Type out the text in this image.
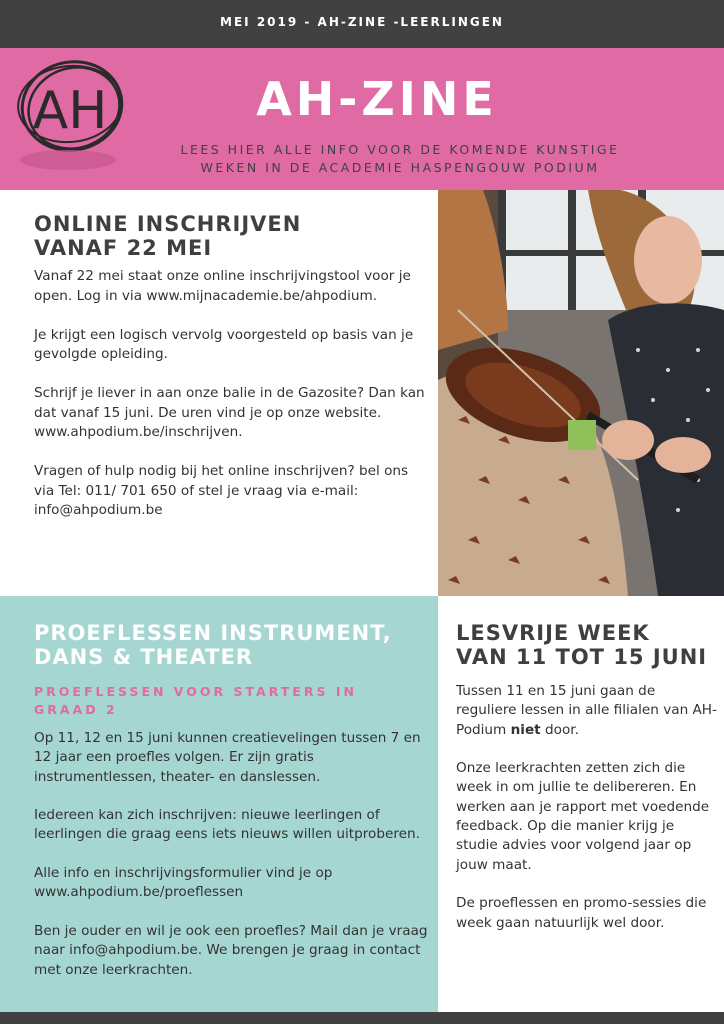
MEI 2019 - AH-ZINE -LEERLINGEN
AH	AH-ZINE
LEES HIER ALLE INFO VOOR DE KOMENDE KUNSTIGE
WEKEN IN DE ACADEMIE HASPENGOUW PODIUM
ONLINE INSCHRIJVEN
VANAF 22 MEI

Vanaf 22 mei staat onze online inschrijvingstool voor je open. Log in via www.mijnacademie.be/ahpodium.

Je krijgt een logisch vervolg voorgesteld op basis van je gevolgde opleiding.

Schrijf je liever in aan onze balie in de Gazosite? Dan kan dat vanaf 15 juni. De uren vind je op onze website. www.ahpodium.be/inschrijven.

Vragen of hulp nodig bij het online inschrijven? bel ons via Tel: 011/ 701 650 of stel je vraag via e-mail: info@ahpodium.be

PROEFLESSEN INSTRUMENT,
DANS & THEATER
PROEFLESSEN VOOR STARTERS IN GRAAD 2

Op 11, 12 en 15 juni kunnen creatievelingen tussen 7 en 12 jaar een proefles volgen. Er zijn gratis instrumentlessen, theater- en danslessen.

Iedereen kan zich inschrijven: nieuwe leerlingen of leerlingen die graag eens iets nieuws willen uitproberen.

Alle info en inschrijvingsformulier vind je op www.ahpodium.be/proeflessen

Ben je ouder en wil je ook een proefles? Mail dan je vraag naar info@ahpodium.be. We brengen je graag in contact met onze leerkrachten.

LESVRIJE WEEK
VAN 11 TOT 15 JUNI

Tussen 11 en 15 juni gaan de reguliere lessen in alle filialen van AH-Podium niet door.

Onze leerkrachten zetten zich die week in om jullie te delibereren. En werken aan je rapport met voedende feedback. Op die manier krijg je studie advies voor volgend jaar op jouw maat.

De proeflessen en promo-sessies die week gaan natuurlijk wel door.
